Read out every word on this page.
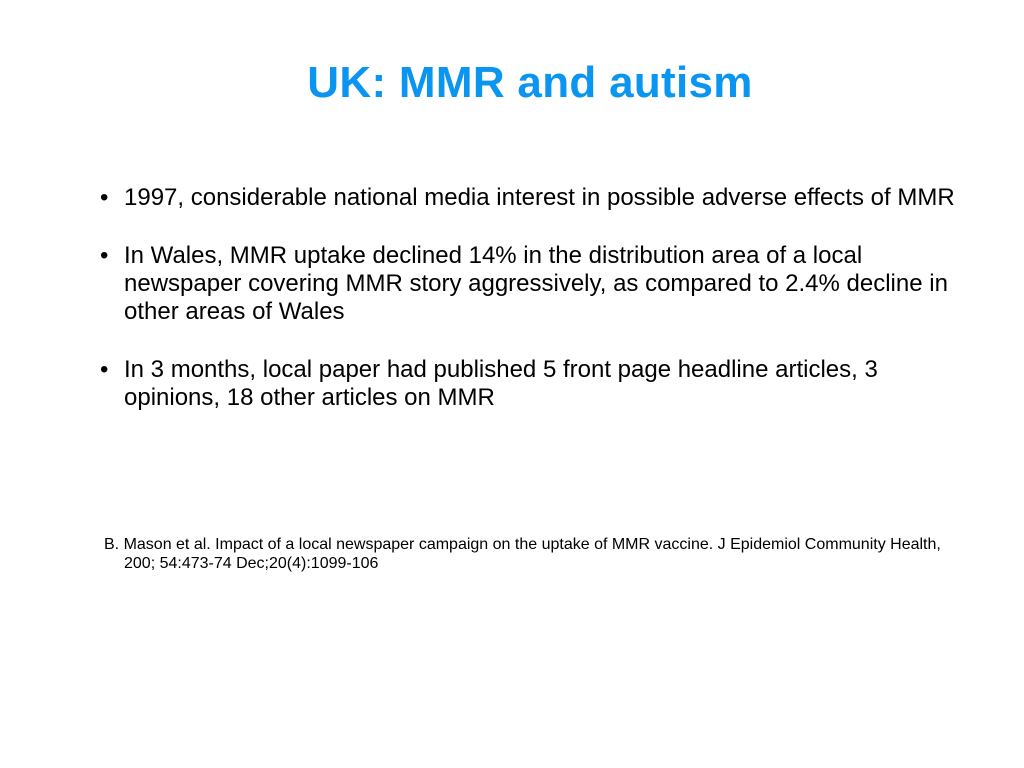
UK: MMR and autism
• 1997, considerable national media interest in possible adverse effects of MMR
• In Wales, MMR uptake declined 14% in the distribution area of a local newspaper covering MMR story aggressively, as compared to 2.4% decline in other areas of Wales
• In 3 months, local paper had published 5 front page headline articles, 3 opinions, 18 other articles on MMR
B. Mason et al. Impact of a local newspaper campaign on the uptake of MMR vaccine. J Epidemiol Community Health, 200; 54:473-74 Dec;20(4):1099-106
